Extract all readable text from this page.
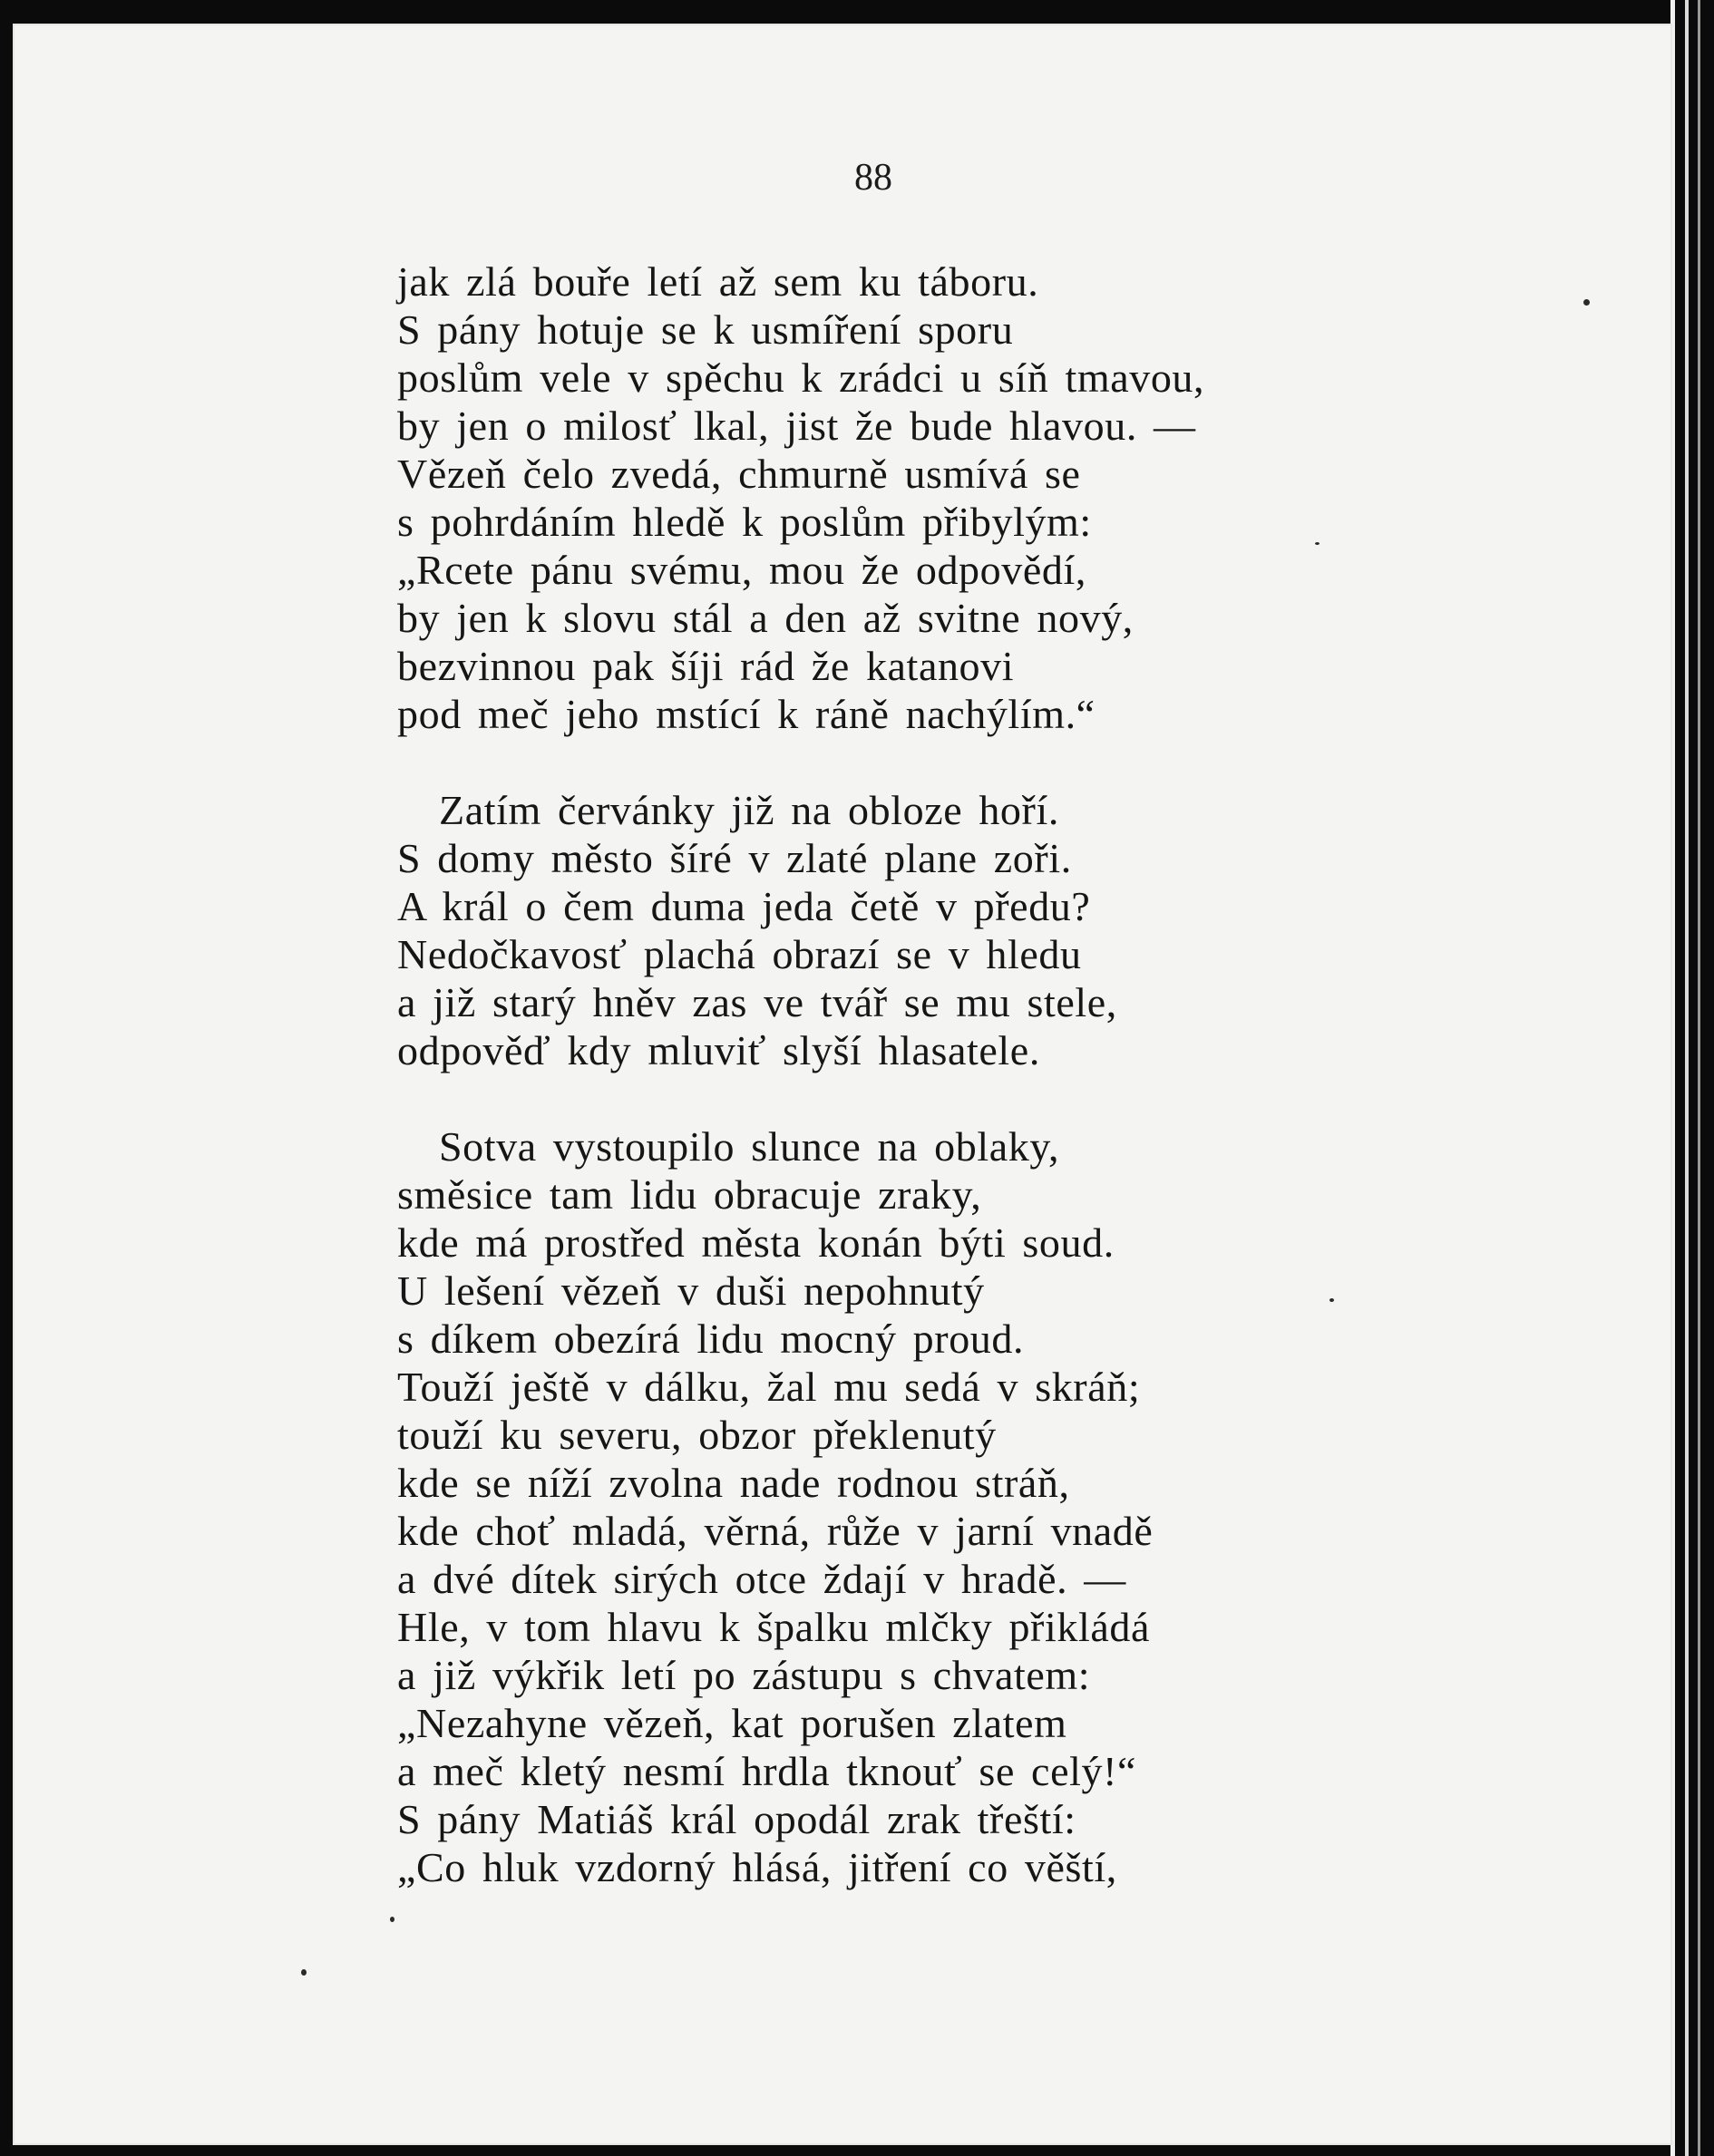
88
jak zlá bouře letí až sem ku táboru.
S pány hotuje se k usmíření sporu
poslům vele v spěchu k zrádci u síň tmavou,
by jen o milosť lkal, jist že bude hlavou. —
Vězeň čelo zvedá, chmurně usmívá se
s pohrdáním hledě k poslům přibylým:
„Rcete pánu svému, mou že odpovědí,
by jen k slovu stál a den až svitne nový,
bezvinnou pak šíji rád že katanovi
pod meč jeho mstící k ráně nachýlím.“
Zatím červánky již na obloze hoří.
S domy město šíré v zlaté plane zoři.
A král o čem duma jeda četě v předu?
Nedočkavosť plachá obrazí se v hledu
a již starý hněv zas ve tvář se mu stele,
odpověď kdy mluviť slyší hlasatele.
Sotva vystoupilo slunce na oblaky,
směsice tam lidu obracuje zraky,
kde má prostřed města konán býti soud.
U lešení vězeň v duši nepohnutý
s díkem obezírá lidu mocný proud.
Touží ještě v dálku, žal mu sedá v skráň;
touží ku severu, obzor překlenutý
kde se níží zvolna nade rodnou stráň,
kde choť mladá, věrná, růže v jarní vnadě
a dvé dítek sirých otce ždají v hradě. —
Hle, v tom hlavu k špalku mlčky přikládá
a již výkřik letí po zástupu s chvatem:
„Nezahyne vězeň, kat porušen zlatem
a meč kletý nesmí hrdla tknouť se celý!“
S pány Matiáš král opodál zrak třeští:
„Co hluk vzdorný hlásá, jitření co věští,
